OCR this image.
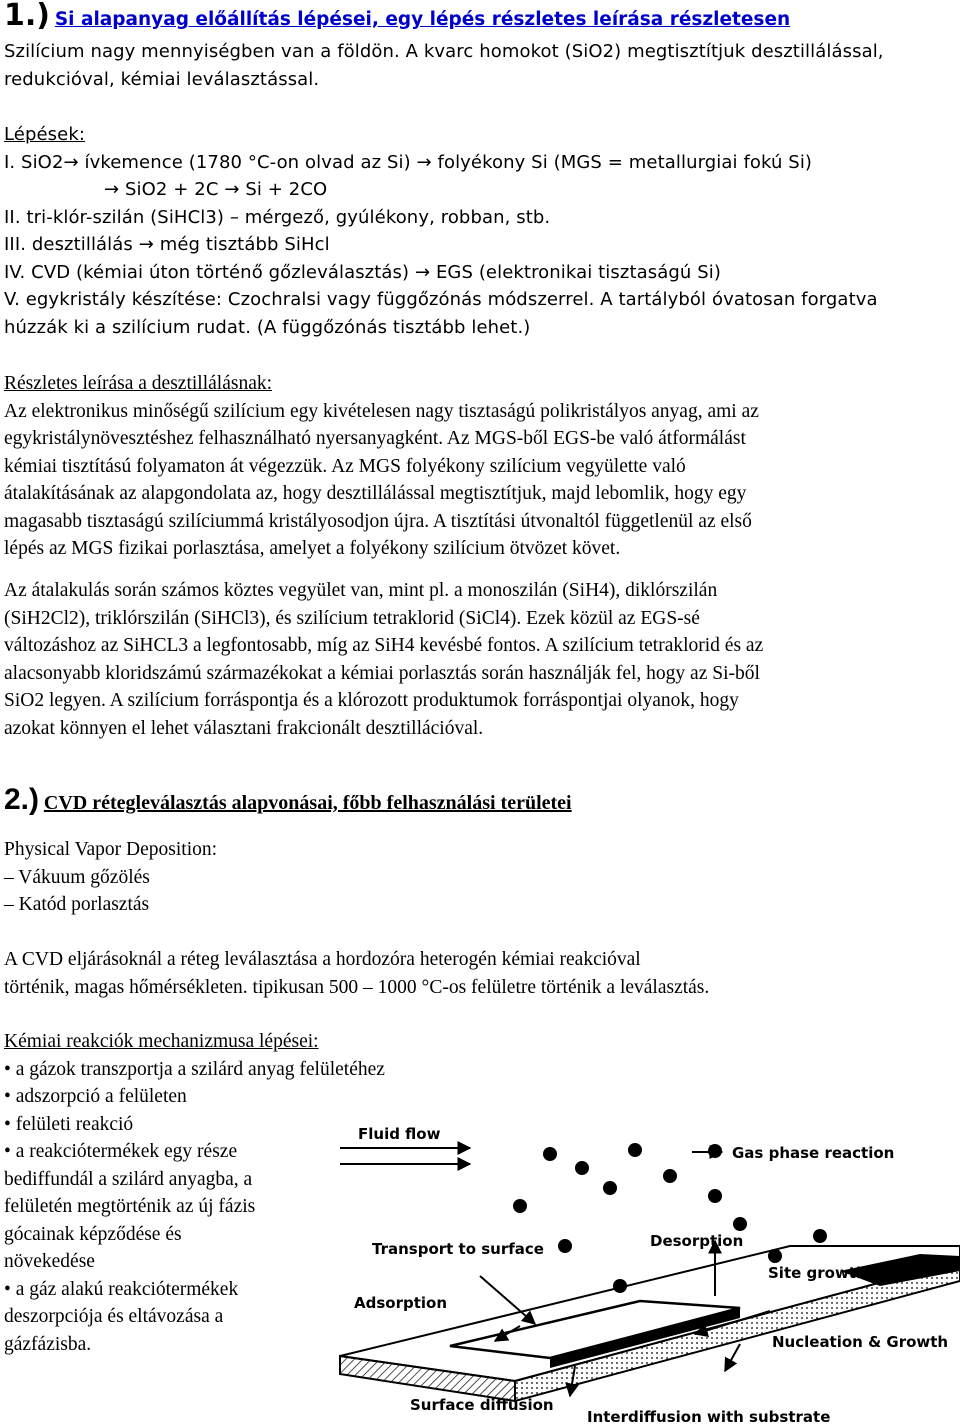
1.) Si alapanyag előállítás lépései, egy lépés részletes leírása részletesen
Szilícium nagy mennyiségben van a földön. A kvarc homokot (SiO2) megtisztítjuk desztillálással,
redukcióval, kémiai leválasztással.
Lépések:
I. SiO2→ ívkemence (1780 °C-on olvad az Si) → folyékony Si (MGS = metallurgiai fokú Si)
→ SiO2 + 2C → Si + 2CO
II. tri-klór-szilán (SiHCl3) – mérgező, gyúlékony, robban, stb.
III. desztillálás → még tisztább SiHcl
IV. CVD (kémiai úton történő gőzleválasztás) → EGS (elektronikai tisztaságú Si)
V. egykristály készítése: Czochralsi vagy függőzónás módszerrel. A tartályból óvatosan forgatva
húzzák ki a szilícium rudat. (A függőzónás tisztább lehet.)
Részletes leírása a desztillálásnak:
Az elektronikus minőségű szilícium egy kivételesen nagy tisztaságú polikristályos anyag, ami az
egykristálynövesztéshez felhasználható nyersanyagként. Az MGS-ből EGS-be való átformálást
kémiai tisztítású folyamaton át végezzük. Az MGS folyékony szilícium vegyülette való
átalakításának az alapgondolata az, hogy desztillálással megtisztítjuk, majd lebomlik, hogy egy
magasabb tisztaságú szilíciummá kristályosodjon újra. A tisztítási útvonaltól függetlenül az első
lépés az MGS fizikai porlasztása, amelyet a folyékony szilícium ötvözet követ.
Az átalakulás során számos köztes vegyület van, mint pl. a monoszilán (SiH4), diklórszilán
(SiH2Cl2), triklórszilán (SiHCl3), és szilícium tetraklorid (SiCl4). Ezek közül az EGS-sé
változáshoz az SiHCL3 a legfontosabb, míg az SiH4 kevésbé fontos. A szilícium tetraklorid és az
alacsonyabb kloridszámú származékokat a kémiai porlasztás során használják fel, hogy az Si-ből
SiO2 legyen. A szilícium forráspontja és a klórozott produktumok forráspontjai olyanok, hogy
azokat könnyen el lehet választani frakcionált desztillációval.
2.) CVD rétegleválasztás alapvonásai, főbb felhasználási területei
Physical Vapor Deposition:
– Vákuum gőzölés
– Katód porlasztás
A CVD eljárásoknál a réteg leválasztása a hordozóra heterogén kémiai reakcióval
történik, magas hőmérsékleten. tipikusan 500 – 1000 °C-os felületre történik a leválasztás.
Kémiai reakciók mechanizmusa lépései:
• a gázok transzportja a szilárd anyag felületéhez
• adszorpció a felületen
• felületi reakció
• a reakciótermékek egy része
bediffundál a szilárd anyagba, a
felületén megtörténik az új fázis
gócainak képződése és
növekedése
• a gáz alakú reakciótermékek
deszorpciója és eltávozása a
gázfázisba.
Fluid flow
Gas phase reaction
Transport to surface	Desorption
Site growth
Adsorption
Nucleation & Growth
Surface diffusion
Interdiffusion with substrate
